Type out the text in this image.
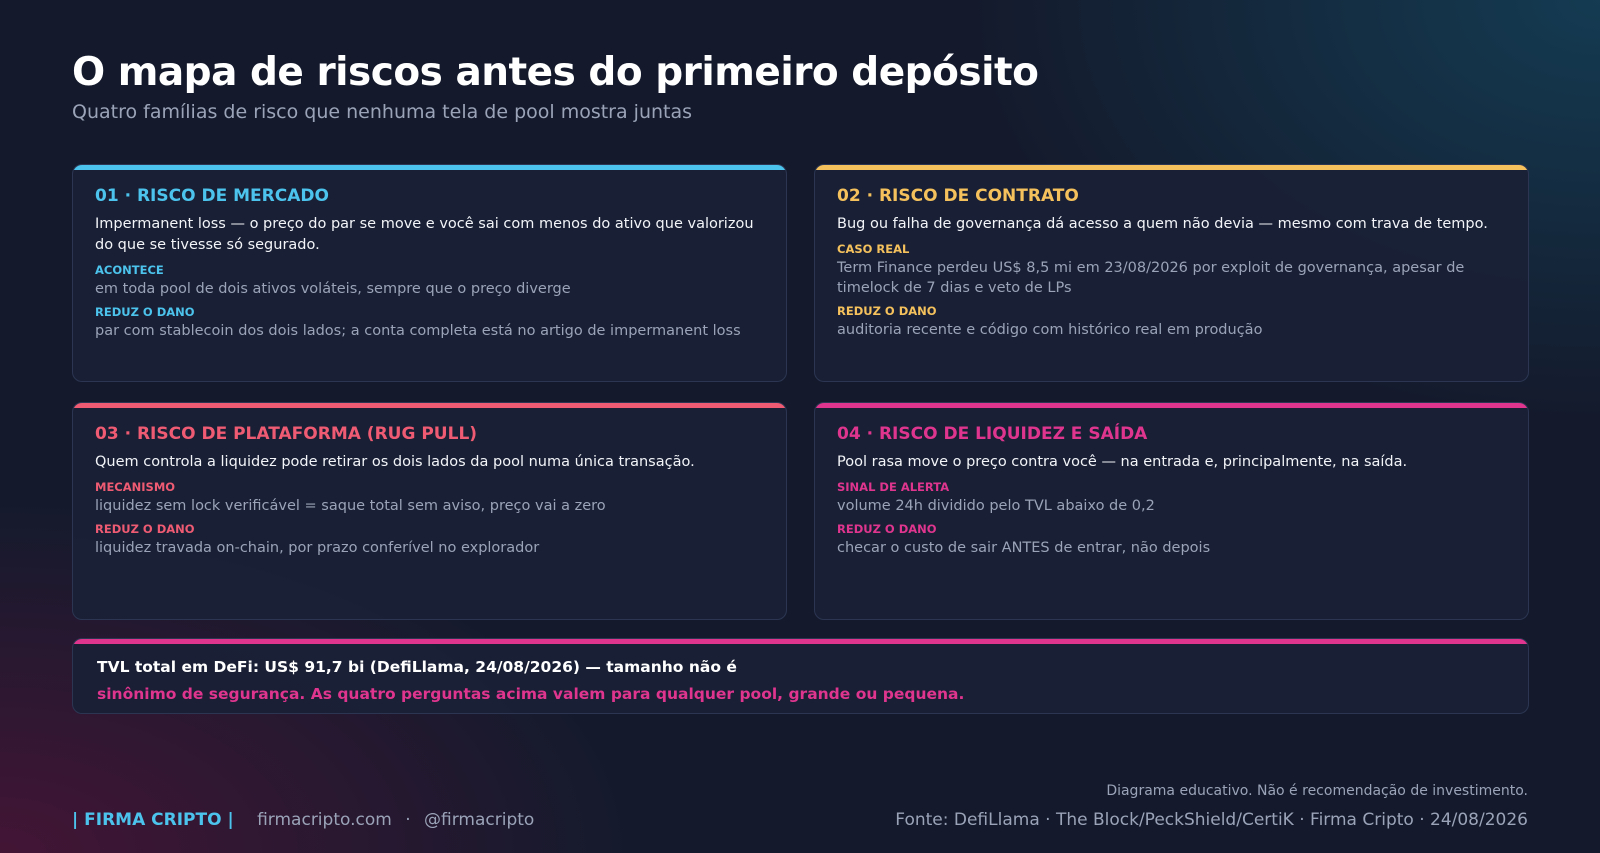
O mapa de riscos antes do primeiro depósito
Quatro famílias de risco que nenhuma tela de pool mostra juntas
01 · RISCO DE MERCADO
Impermanent loss — o preço do par se move e você sai com menos do ativo que valorizou do que se tivesse só segurado.
ACONTECE
em toda pool de dois ativos voláteis, sempre que o preço diverge
REDUZ O DANO
par com stablecoin dos dois lados; a conta completa está no artigo de impermanent loss
02 · RISCO DE CONTRATO
Bug ou falha de governança dá acesso a quem não devia — mesmo com trava de tempo.
CASO REAL
Term Finance perdeu US$ 8,5 mi em 23/08/2026 por exploit de governança, apesar de timelock de 7 dias e veto de LPs
REDUZ O DANO
auditoria recente e código com histórico real em produção
03 · RISCO DE PLATAFORMA (RUG PULL)
Quem controla a liquidez pode retirar os dois lados da pool numa única transação.
MECANISMO
liquidez sem lock verificável = saque total sem aviso, preço vai a zero
REDUZ O DANO
liquidez travada on-chain, por prazo conferível no explorador
04 · RISCO DE LIQUIDEZ E SAÍDA
Pool rasa move o preço contra você — na entrada e, principalmente, na saída.
SINAL DE ALERTA
volume 24h dividido pelo TVL abaixo de 0,2
REDUZ O DANO
checar o custo de sair ANTES de entrar, não depois
TVL total em DeFi: US$ 91,7 bi (DefiLlama, 24/08/2026) — tamanho não é
sinônimo de segurança. As quatro perguntas acima valem para qualquer pool, grande ou pequena.
| FIRMA CRIPTO | firmacripto.com · @firmacripto
Diagrama educativo. Não é recomendação de investimento.
Fonte: DefiLlama · The Block/PeckShield/CertiK · Firma Cripto · 24/08/2026
